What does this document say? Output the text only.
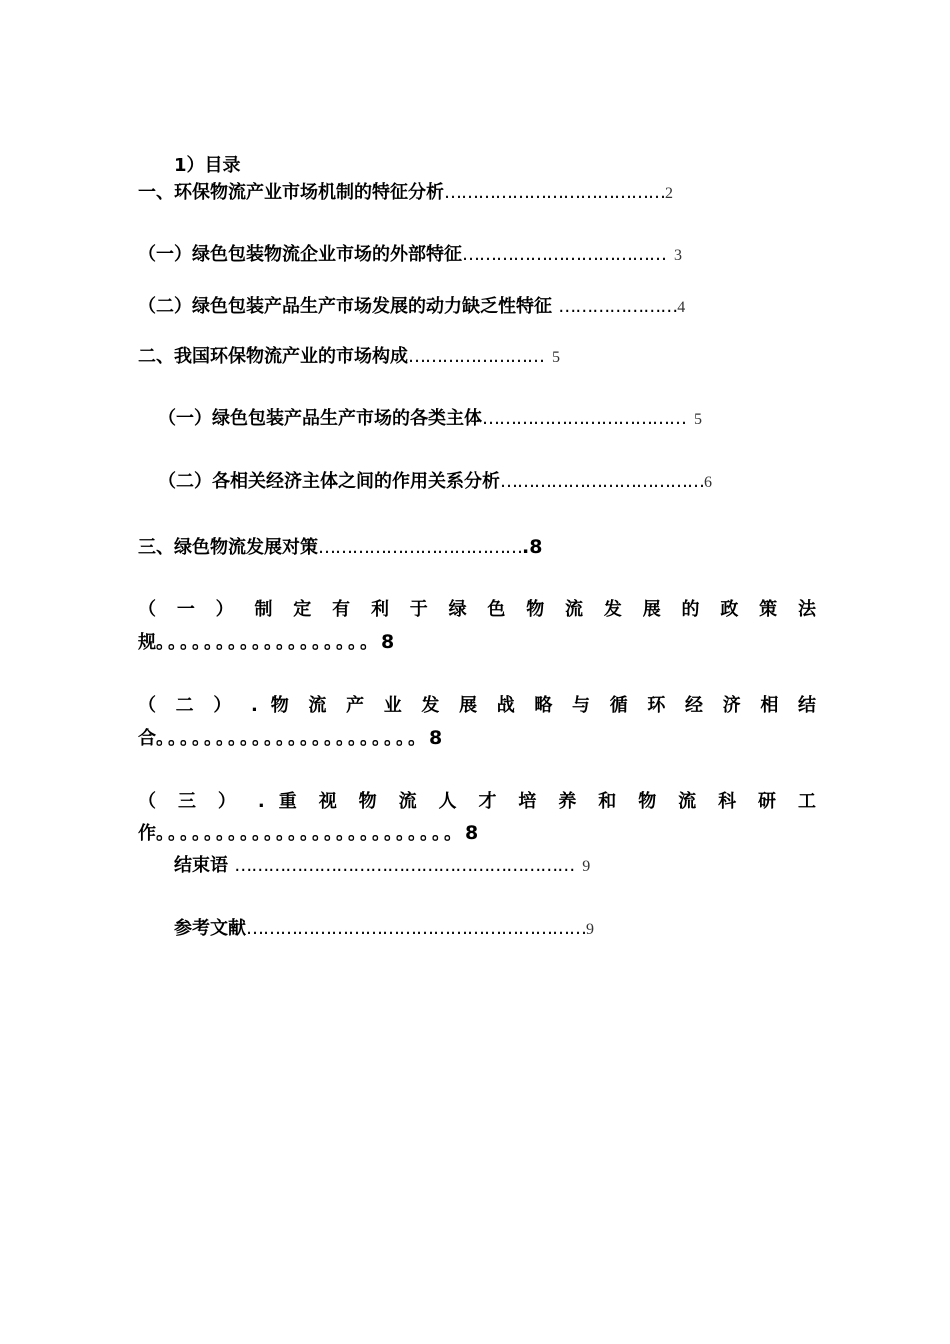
1）目录
一、环保物流产业市场机制的特征分析…………………………………2
（一）绿色包装物流企业市场的外部特征……………………………… 3
（二）绿色包装产品生产市场发展的动力缺乏性特征 …………………4
二、我国环保物流产业的市场构成…………………… 5
（一）绿色包装产品生产市场的各类主体……………………………… 5
（二）各相关经济主体之间的作用关系分析………………………………6
三、绿色物流发展对策……………………………….8
（ 一 ） 制 定 有 利 于 绿 色 物 流 发 展 的 政 策 法
规。。。。。。。。。。。。。。。。。。8
（ 二 ） . 物 流 产 业 发 展 战 略 与 循 环 经 济 相 结
合。。。。。。。。。。。。。。。。。。。。。。8
（ 三 ） . 重 视 物 流 人 才 培 养 和 物 流 科 研 工
作。。。。。。。。。。。。。。。。。。。。。。。。。8
结束语 …………………………………………………… 9
参考文献……………………………………………………9
